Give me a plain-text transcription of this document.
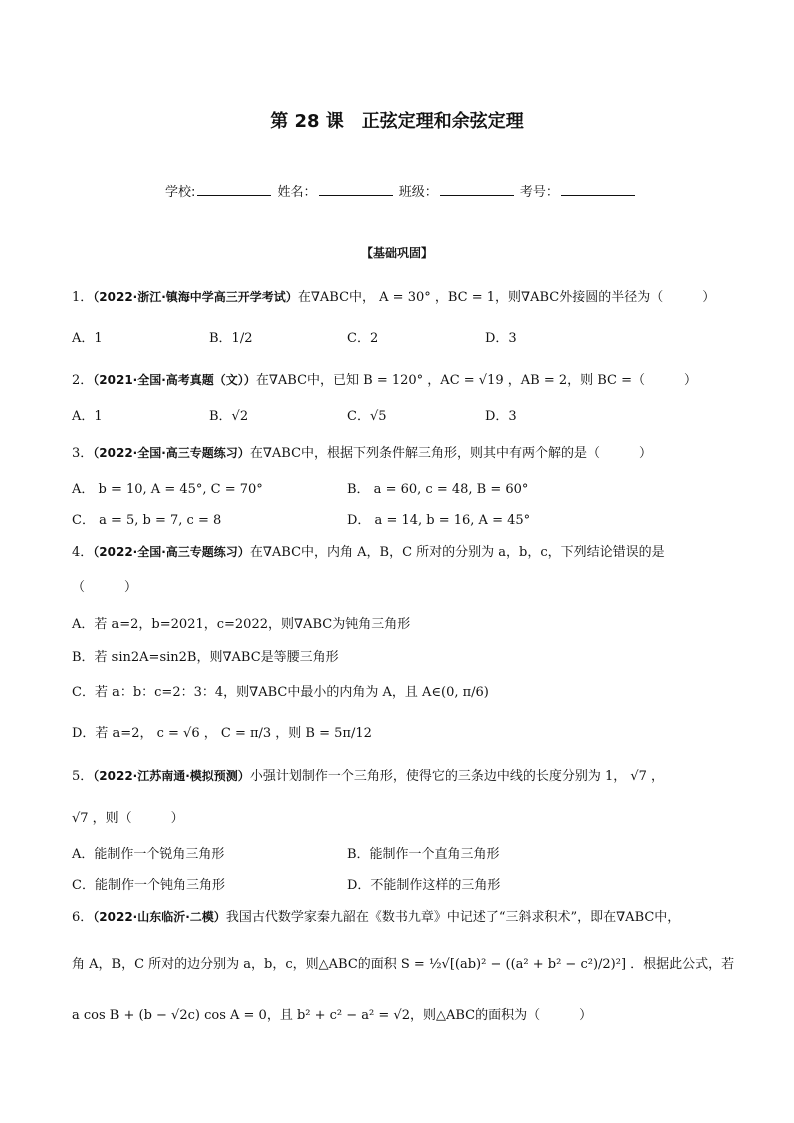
第 28 课　正弦定理和余弦定理
学校:	姓名：	班级：	考号：
【基础巩固】
1．（2022·浙江·镇海中学高三开学考试）在∇ABC中， A = 30° ，BC = 1，则∇ABC外接圆的半径为（　　　）
A．1	B．1/2	C．2	D．3
2．（2021·全国·高考真题（文））在∇ABC中，已知 B = 120° ，AC = √19 ，AB = 2，则 BC =（　　　）
A．1	B．√2	C．√5	D．3
3．（2022·全国·高三专题练习）在∇ABC中，根据下列条件解三角形，则其中有两个解的是（　　　）
A． b = 10, A = 45°, C = 70°	B． a = 60, c = 48, B = 60°
C． a = 5, b = 7, c = 8	D． a = 14, b = 16, A = 45°
4．（2022·全国·高三专题练习）在∇ABC中，内角 A，B，C 所对的分别为 a，b，c，下列结论错误的是
（　　　）
A．若 a=2，b=2021，c=2022，则∇ABC为钝角三角形
B．若 sin2A=sin2B，则∇ABC是等腰三角形
C．若 a：b：c=2：3：4，则∇ABC中最小的内角为 A，且 A∈(0, π/6)
D．若 a=2， c = √6 ， C = π/3 ，则 B = 5π/12
5．（2022·江苏南通·模拟预测）小强计划制作一个三角形，使得它的三条边中线的长度分别为 1， √7 ，
√7 ，则（　　　）
A．能制作一个锐角三角形	B．能制作一个直角三角形
C．能制作一个钝角三角形	D．不能制作这样的三角形
6．（2022·山东临沂·二模）我国古代数学家秦九韶在《数书九章》中记述了“三斜求积术”，即在∇ABC中，
角 A，B，C 所对的边分别为 a，b，c，则△ABC的面积 S = ½√[(ab)² − ((a² + b² − c²)/2)²] ．根据此公式，若
a cos B + (b − √2c) cos A = 0，且 b² + c² − a² = √2，则△ABC的面积为（　　　）
